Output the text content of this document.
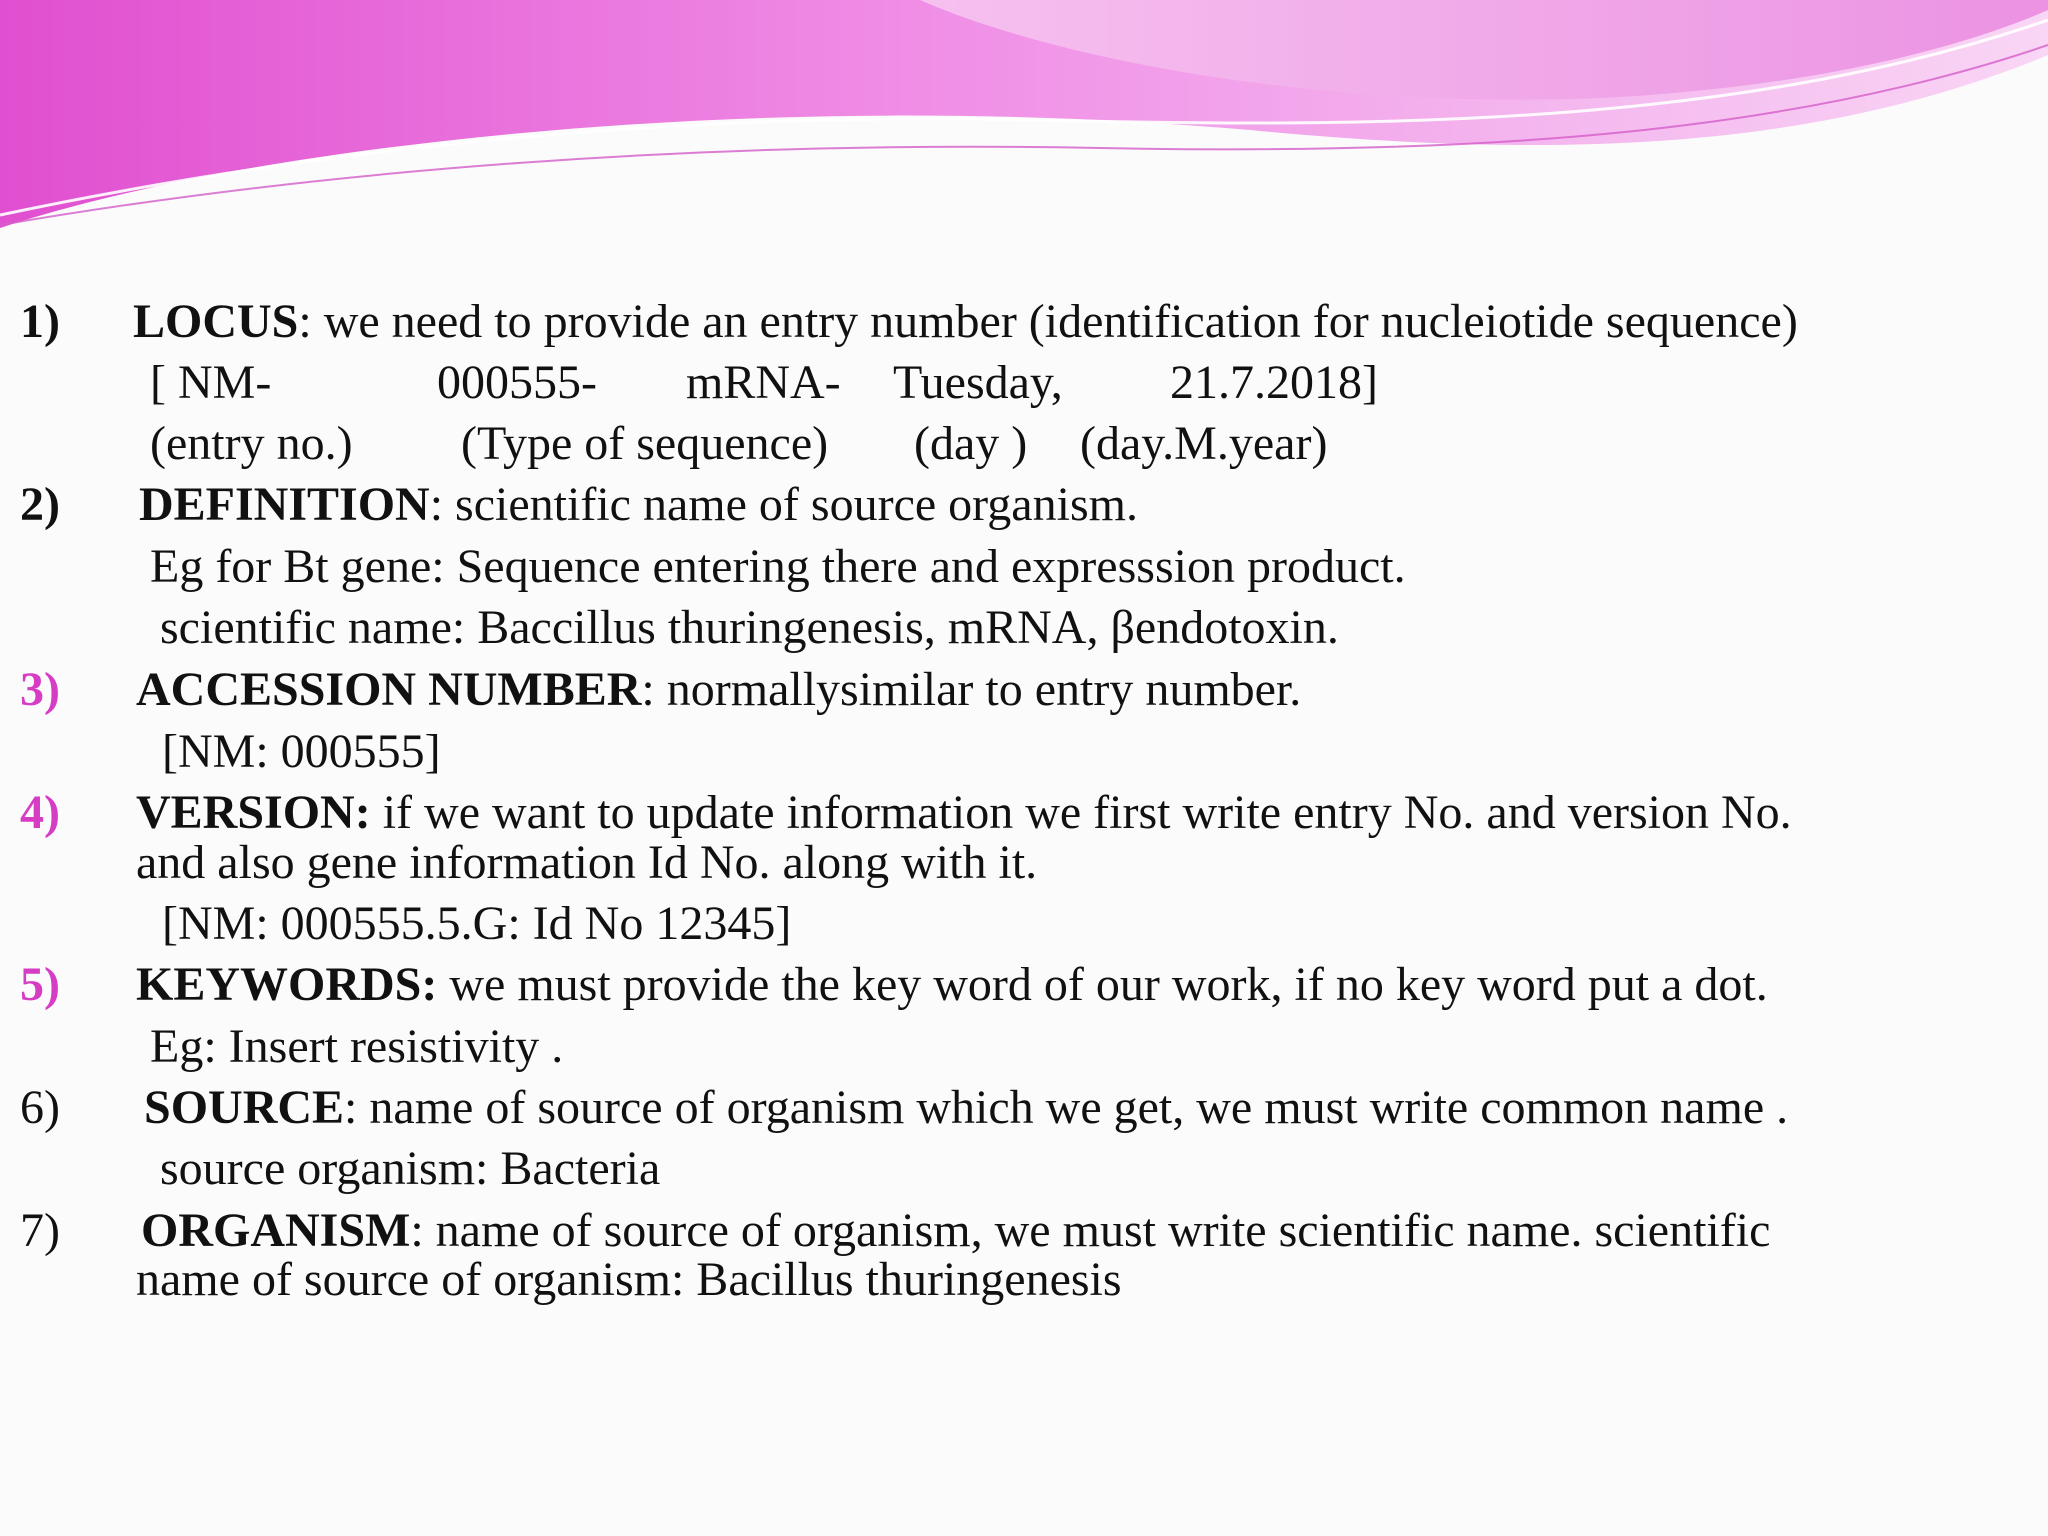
1) LOCUS: we need to provide an entry number (identification for nucleiotide sequence)
[ NM-	000555- mRNA- Tuesday, 21.7.2018]
(entry no.) (Type of sequence) (day ) (day.M.year)
2) DEFINITION: scientific name of source organism.
Eg for Bt gene: Sequence entering there and expresssion product.
scientific name: Baccillus thuringenesis, mRNA, βendotoxin.
3) ACCESSION NUMBER: normallysimilar to entry number.
[NM: 000555]
4) VERSION: if we want to update information we first write entry No. and version No.
and also gene information Id No. along with it.
[NM: 000555.5.G: Id No 12345]
5) KEYWORDS: we must provide the key word of our work, if no key word put a dot.
Eg: Insert resistivity .
6) SOURCE: name of source of organism which we get, we must write common name .
source organism: Bacteria
7) ORGANISM: name of source of organism, we must write scientific name. scientific
name of source of organism: Bacillus thuringenesis
